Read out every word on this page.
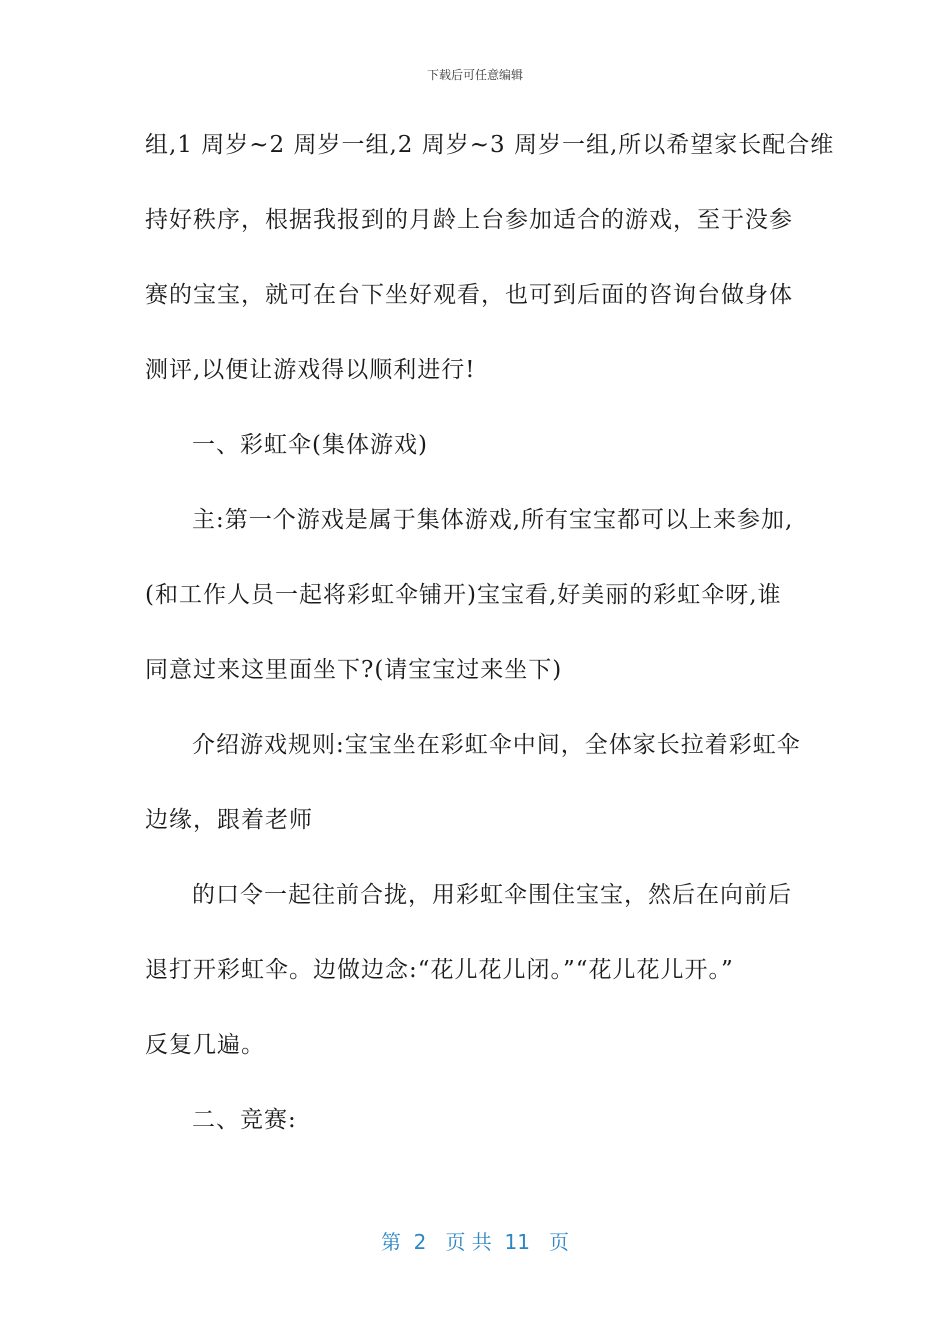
下载后可任意编辑
组,1 周岁~2 周岁一组,2 周岁~3 周岁一组,所以希望家长配合维
持好秩序，根据我报到的月龄上台参加适合的游戏，至于没参
赛的宝宝，就可在台下坐好观看，也可到后面的咨询台做身体
测评,以便让游戏得以顺利进行!
一、彩虹伞(集体游戏)
主:第一个游戏是属于集体游戏,所有宝宝都可以上来参加,
(和工作人员一起将彩虹伞铺开)宝宝看,好美丽的彩虹伞呀,谁
同意过来这里面坐下?(请宝宝过来坐下)
介绍游戏规则:宝宝坐在彩虹伞中间，全体家长拉着彩虹伞
边缘，跟着老师
的口令一起往前合拢，用彩虹伞围住宝宝，然后在向前后
退打开彩虹伞。边做边念:“花儿花儿闭。”“花儿花儿开。”
反复几遍。
二、竞赛:
第  2   页 共  11   页
